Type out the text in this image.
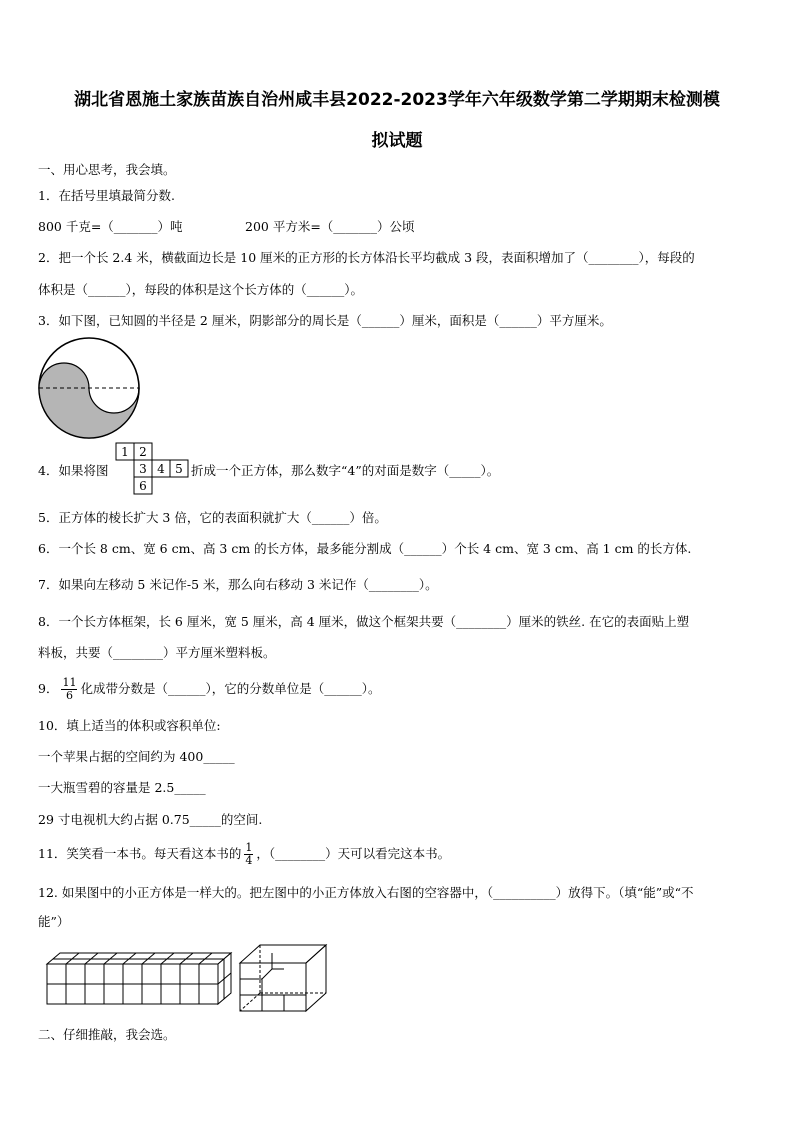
湖北省恩施土家族苗族自治州咸丰县2022-2023学年六年级数学第二学期期末检测模
拟试题
一、用心思考，我会填。
1．在括号里填最简分数.
800 千克=（_______）吨	200 平方米=（_______）公顷
2．把一个长 2.4 米，横截面边长是 10 厘米的正方形的长方体沿长平均截成 3 段，表面积增加了（________），每段的
体积是（______），每段的体积是这个长方体的（______）。
3．如下图，已知圆的半径是 2 厘米，阴影部分的周长是（______）厘米，面积是（______）平方厘米。
4．如果将图
1 2
3 4 5
6
折成一个正方体，那么数字“4”的对面是数字（_____）。
5．正方体的棱长扩大 3 倍，它的表面积就扩大（______）倍。
6．一个长 8 cm、宽 6 cm、高 3 cm 的长方体，最多能分割成（______）个长 4 cm、宽 3 cm、高 1 cm 的长方体.
7．如果向左移动 5 米记作-5 米，那么向右移动 3 米记作（________）。
8．一个长方体框架，长 6 厘米，宽 5 厘米，高 4 厘米，做这个框架共要（________）厘米的铁丝. 在它的表面贴上塑
料板，共要（________）平方厘米塑料板。
9． $\frac{11}{6}$ 化成带分数是（______），它的分数单位是（______）。
10．填上适当的体积或容积单位:
一个苹果占据的空间约为 400_____
一大瓶雪碧的容量是 2.5_____
29 寸电视机大约占据 0.75_____的空间.
11．笑笑看一本书。每天看这本书的 $\frac{1}{4}$ ，（________）天可以看完这本书。
12. 如果图中的小正方体是一样大的。把左图中的小正方体放入右图的空容器中，（__________）放得下。（填“能”或“不
能”）
二、仔细推敲，我会选。
